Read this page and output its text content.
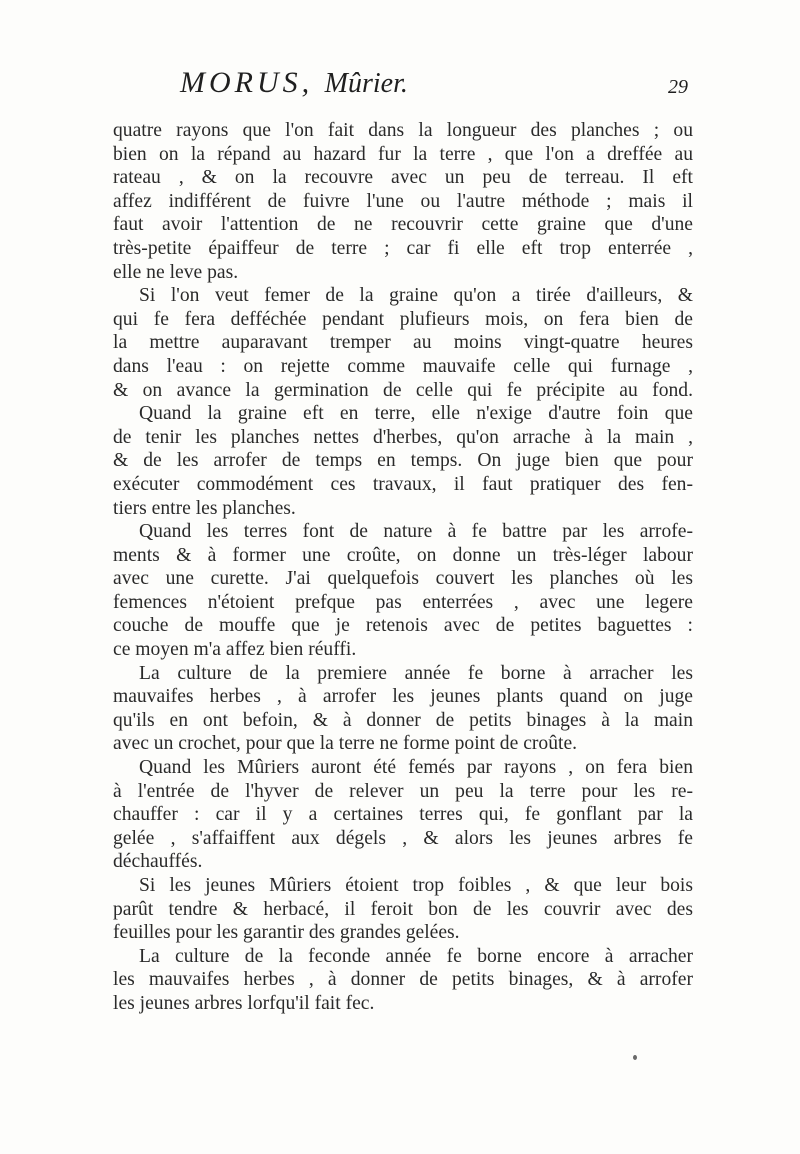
MORUS, Mûrier.	29
quatre rayons que l'on fait dans la longueur des planches ; ou
bien on la répand au hazard fur la terre , que l'on a dreffée au
rateau , & on la recouvre avec un peu de terreau. Il eft
affez indifférent de fuivre l'une ou l'autre méthode ; mais il
faut avoir l'attention de ne recouvrir cette graine que d'une
très-petite épaiffeur de terre ; car fi elle eft trop enterrée ,
elle ne leve pas.
Si l'on veut femer de la graine qu'on a tirée d'ailleurs, &
qui fe fera defféchée pendant plufieurs mois, on fera bien de
la mettre auparavant tremper au moins vingt-quatre heures
dans l'eau : on rejette comme mauvaife celle qui furnage ,
& on avance la germination de celle qui fe précipite au fond.
Quand la graine eft en terre, elle n'exige d'autre foin que
de tenir les planches nettes d'herbes, qu'on arrache à la main ,
& de les arrofer de temps en temps. On juge bien que pour
exécuter commodément ces travaux, il faut pratiquer des fen-
tiers entre les planches.
Quand les terres font de nature à fe battre par les arrofe-
ments & à former une croûte, on donne un très-léger labour
avec une curette. J'ai quelquefois couvert les planches où les
femences n'étoient prefque pas enterrées , avec une legere
couche de mouffe que je retenois avec de petites baguettes :
ce moyen m'a affez bien réuffi.
La culture de la premiere année fe borne à arracher les
mauvaifes herbes , à arrofer les jeunes plants quand on juge
qu'ils en ont befoin, & à donner de petits binages à la main
avec un crochet, pour que la terre ne forme point de croûte.
Quand les Mûriers auront été femés par rayons , on fera bien
à l'entrée de l'hyver de relever un peu la terre pour les re-
chauffer : car il y a certaines terres qui, fe gonflant par la
gelée , s'affaiffent aux dégels , & alors les jeunes arbres fe
déchauffés.
Si les jeunes Mûriers étoient trop foibles , & que leur bois
parût tendre & herbacé, il feroit bon de les couvrir avec des
feuilles pour les garantir des grandes gelées.
La culture de la feconde année fe borne encore à arracher
les mauvaifes herbes , à donner de petits binages, & à arrofer
les jeunes arbres lorfqu'il fait fec.
